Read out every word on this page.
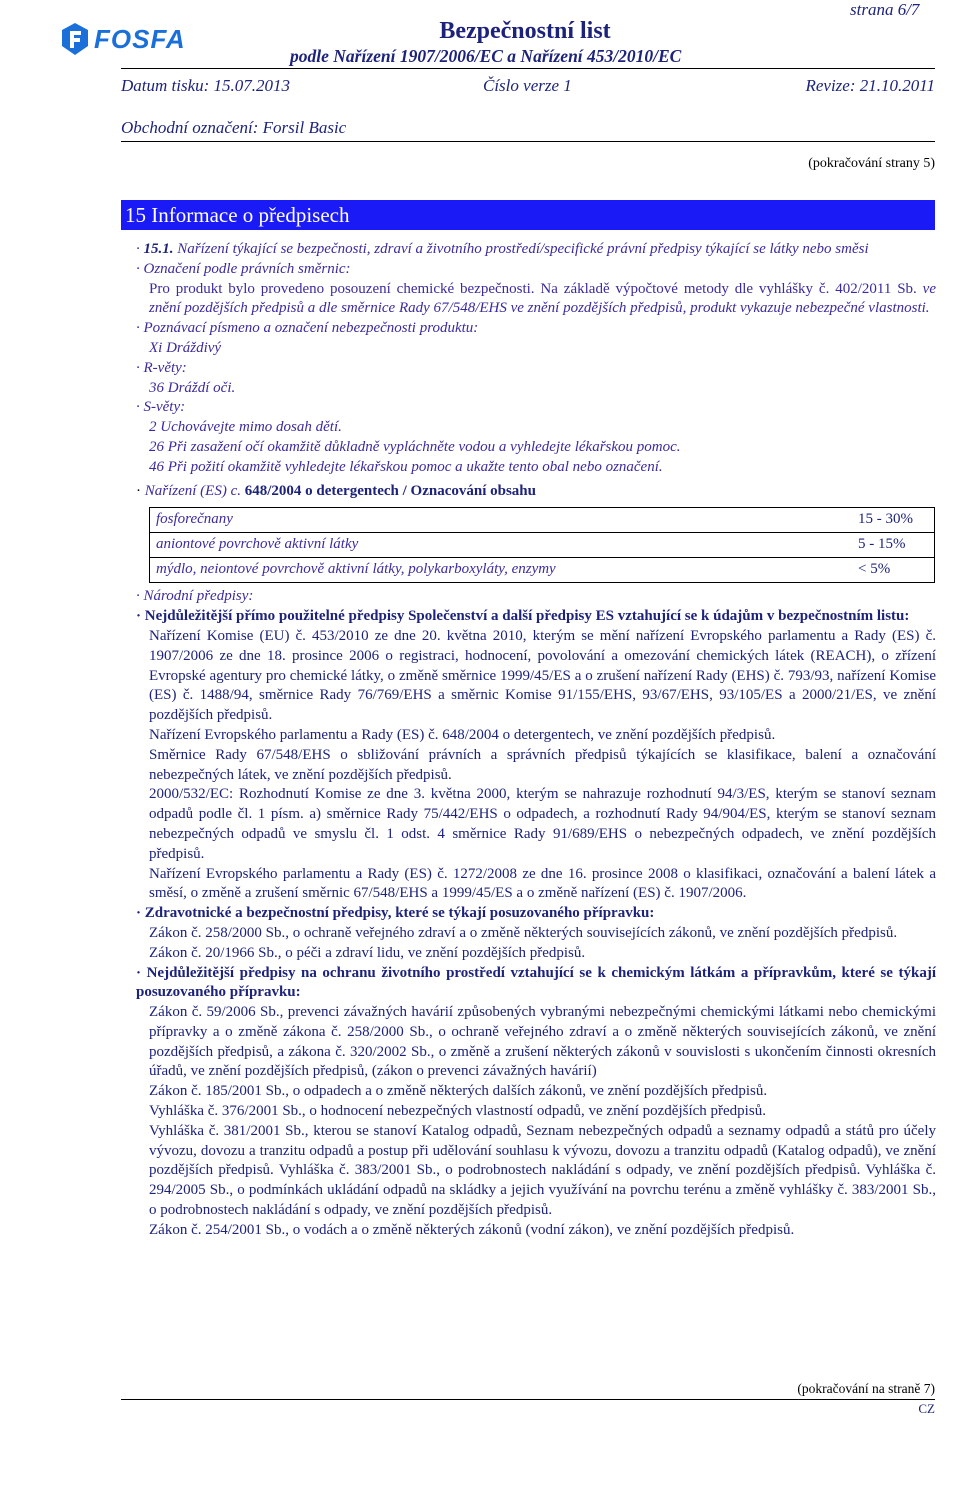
strana 6/7
FOSFA	Bezpečnostní list
podle Nařízení 1907/2006/EC a Nařízení 453/2010/EC
Datum tisku: 15.07.2013	Číslo verze 1	Revize: 21.10.2011
Obchodní označení: Forsil Basic
(pokračování strany 5)
15 Informace o předpisech

· 15.1. Nařízení týkající se bezpečnosti, zdraví a životního prostředí/specifické právní předpisy týkající se látky nebo směsi

· Označení podle právních směrnic:

Pro produkt bylo provedeno posouzení chemické bezpečnosti. Na základě výpočtové metody dle vyhlášky č. 402/2011 Sb. ve znění pozdějších předpisů a dle směrnice Rady 67/548/EHS ve znění pozdějších předpisů, produkt vykazuje nebezpečné vlastnosti.

· Poznávací písmeno a označení nebezpečnosti produktu:

Xi Dráždivý

· R-věty:

36 Dráždí oči.

· S-věty:

2 Uchovávejte mimo dosah dětí.

26 Při zasažení očí okamžitě důkladně vypláchněte vodou a vyhledejte lékařskou pomoc.

46 Při požití okamžitě vyhledejte lékařskou pomoc a ukažte tento obal nebo označení.

· Nařízení (ES) c. 648/2004 o detergentech / Oznacování obsahu

fosforečnany	15 - 30%
aniontové povrchově aktivní látky	5 - 15%
mýdlo, neiontové povrchově aktivní látky, polykarboxyláty, enzymy	< 5%

· Národní předpisy:

· Nejdůležitější přímo použitelné předpisy Společenství a další předpisy ES vztahující se k údajům v bezpečnostním listu:

Nařízení Komise (EU) č. 453/2010 ze dne 20. května 2010, kterým se mění nařízení Evropského parlamentu a Rady (ES) č. 1907/2006 ze dne 18. prosince 2006 o registraci, hodnocení, povolování a omezování chemických látek (REACH), o zřízení Evropské agentury pro chemické látky, o změně směrnice 1999/45/ES a o zrušení nařízení Rady (EHS) č. 793/93, nařízení Komise (ES) č. 1488/94, směrnice Rady 76/769/EHS a směrnic Komise 91/155/EHS, 93/67/EHS, 93/105/ES a 2000/21/ES, ve znění pozdějších předpisů.

Nařízení Evropského parlamentu a Rady (ES) č. 648/2004 o detergentech, ve znění pozdějších předpisů.

Směrnice Rady 67/548/EHS o sbližování právních a správních předpisů týkajících se klasifikace, balení a označování nebezpečných látek, ve znění pozdějších předpisů.

2000/532/EC: Rozhodnutí Komise ze dne 3. května 2000, kterým se nahrazuje rozhodnutí 94/3/ES, kterým se stanoví seznam odpadů podle čl. 1 písm. a) směrnice Rady 75/442/EHS o odpadech, a rozhodnutí Rady 94/904/ES, kterým se stanoví seznam nebezpečných odpadů ve smyslu čl. 1 odst. 4 směrnice Rady 91/689/EHS o nebezpečných odpadech, ve znění pozdějších předpisů.

Nařízení Evropského parlamentu a Rady (ES) č. 1272/2008 ze dne 16. prosince 2008 o klasifikaci, označování a balení látek a směsí, o změně a zrušení směrnic 67/548/EHS a 1999/45/ES a o změně nařízení (ES) č. 1907/2006.

· Zdravotnické a bezpečnostní předpisy, které se týkají posuzovaného přípravku:

Zákon č. 258/2000 Sb., o ochraně veřejného zdraví a o změně některých souvisejících zákonů, ve znění pozdějších předpisů.

Zákon č. 20/1966 Sb., o péči a zdraví lidu, ve znění pozdějších předpisů.

· Nejdůležitější předpisy na ochranu životního prostředí vztahující se k chemickým látkám a přípravkům, které se týkají posuzovaného přípravku:

Zákon č. 59/2006 Sb., prevenci závažných havárií způsobených vybranými nebezpečnými chemickými látkami nebo chemickými přípravky a o změně zákona č. 258/2000 Sb., o ochraně veřejného zdraví a o změně některých souvisejících zákonů, ve znění pozdějších předpisů, a zákona č. 320/2002 Sb., o změně a zrušení některých zákonů v souvislosti s ukončením činnosti okresních úřadů, ve znění pozdějších předpisů, (zákon o prevenci závažných havárií)

Zákon č. 185/2001 Sb., o odpadech a o změně některých dalších zákonů, ve znění pozdějších předpisů.

Vyhláška č. 376/2001 Sb., o hodnocení nebezpečných vlastností odpadů, ve znění pozdějších předpisů.

Vyhláška č. 381/2001 Sb., kterou se stanoví Katalog odpadů, Seznam nebezpečných odpadů a seznamy odpadů a států pro účely vývozu, dovozu a tranzitu odpadů a postup při udělování souhlasu k vývozu, dovozu a tranzitu odpadů (Katalog odpadů), ve znění pozdějších předpisů. Vyhláška č. 383/2001 Sb., o podrobnostech nakládání s odpady, ve znění pozdějších předpisů. Vyhláška č. 294/2005 Sb., o podmínkách ukládání odpadů na skládky a jejich využívání na povrchu terénu a změně vyhlášky č. 383/2001 Sb., o podrobnostech nakládání s odpady, ve znění pozdějších předpisů.

Zákon č. 254/2001 Sb., o vodách a o změně některých zákonů (vodní zákon), ve znění pozdějších předpisů.

(pokračování na straně 7)
CZ
